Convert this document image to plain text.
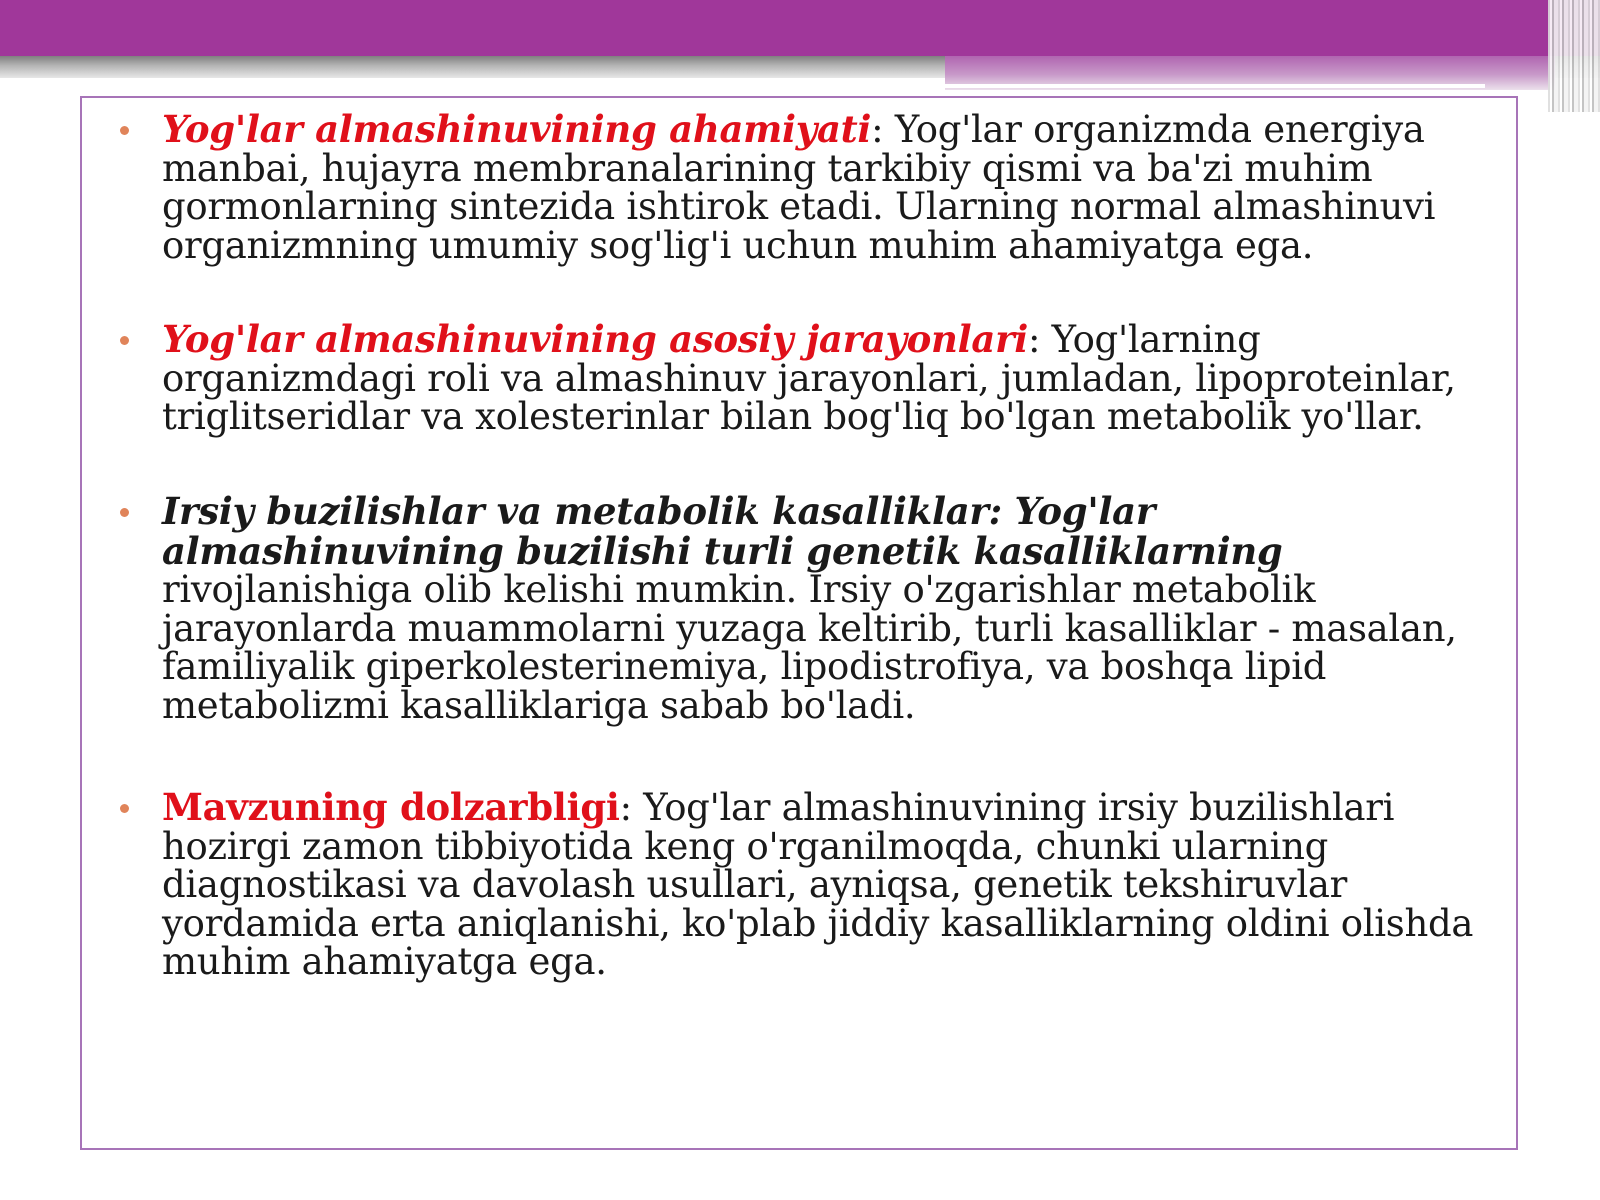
Yog'lar almashinuvining ahamiyati: Yog'lar organizmda energiya manbai, hujayra membranalarining tarkibiy qismi va ba'zi muhim gormonlarning sintezida ishtirok etadi. Ularning normal almashinuvi organizmning umumiy sog'lig'i uchun muhim ahamiyatga ega.
Yog'lar almashinuvining asosiy jarayonlari: Yog'larning organizmdagi roli va almashinuv jarayonlari, jumladan, lipoproteinlar, triglitseridlar va xolesterinlar bilan bog'liq bo'lgan metabolik yo'llar.
Irsiy buzilishlar va metabolik kasalliklar: Yog'lar almashinuvining buzilishi turli genetik kasalliklarning rivojlanishiga olib kelishi mumkin. Irsiy o'zgarishlar metabolik jarayonlarda muammolarni yuzaga keltirib, turli kasalliklar - masalan, familiyalik giperkolesterinemiya, lipodistrofiya, va boshqa lipid metabolizmi kasalliklariga sabab bo'ladi.
Mavzuning dolzarbligi: Yog'lar almashinuvining irsiy buzilishlari hozirgi zamon tibbiyotida keng o'rganilmoqda, chunki ularning diagnostikasi va davolash usullari, ayniqsa, genetik tekshiruvlar yordamida erta aniqlanishi, ko'plab jiddiy kasalliklarning oldini olishda muhim ahamiyatga ega.
